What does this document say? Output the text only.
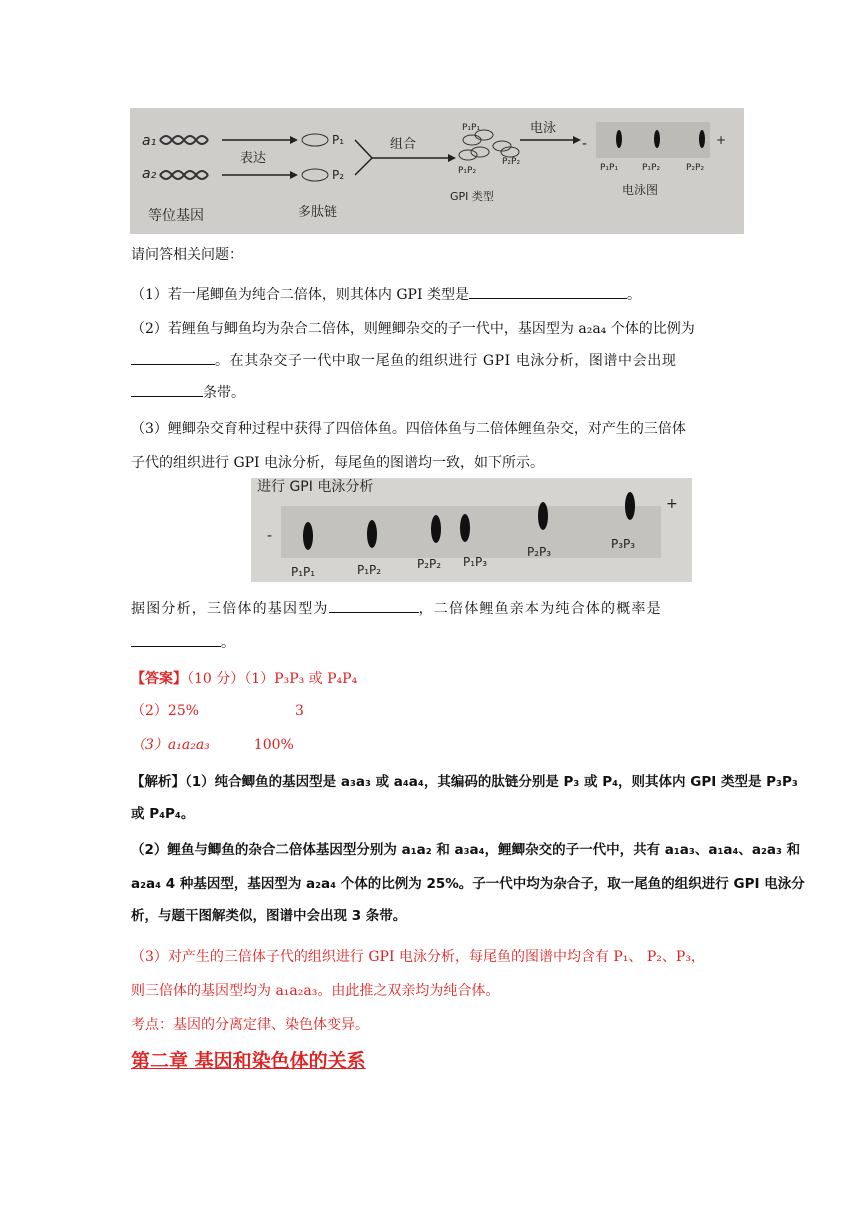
a₁
a₂
表达
P₁
P₂
组合
P₁P₁
P₁P₂
P₂P₂
电泳
-	+
P₁P₁	P₁P₂	P₂P₂
等位基因	多肽链
GPI 类型	电泳图
请问答相关问题：
（1）若一尾鲫鱼为纯合二倍体，则其体内 GPI 类型是	。
（2）若鲤鱼与鲫鱼均为杂合二倍体，则鲤鲫杂交的子一代中，基因型为 a₂a₄ 个体的比例为
。在其杂交子一代中取一尾鱼的组织进行 GPI 电泳分析，图谱中会出现
条带。
（3）鲤鲫杂交育种过程中获得了四倍体鱼。四倍体鱼与二倍体鲤鱼杂交，对产生的三倍体
子代的组织进行 GPI 电泳分析，每尾鱼的图谱均一致，如下所示。
进行 GPI 电泳分析
-
+
P₁P₁	P₁P₂	P₂P₂ P₁P₃
P₂P₃
P₃P₃
据图分析，三倍体的基因型为	，二倍体鲤鱼亲本为纯合体的概率是
。
【答案】（10 分）（1）P₃P₃ 或 P₄P₄
（2）25%	3
（3）a₁a₂a₃	100%
【解析】（1）纯合鲫鱼的基因型是 a₃a₃ 或 a₄a₄，其编码的肽链分别是 P₃ 或 P₄，则其体内 GPI 类型是 P₃P₃
或 P₄P₄。
（2）鲤鱼与鲫鱼的杂合二倍体基因型分别为 a₁a₂ 和 a₃a₄，鲤鲫杂交的子一代中，共有 a₁a₃、a₁a₄、a₂a₃ 和
a₂a₄ 4 种基因型，基因型为 a₂a₄ 个体的比例为 25%。子一代中均为杂合子，取一尾鱼的组织进行 GPI 电泳分
析，与题干图解类似，图谱中会出现 3 条带。
（3）对产生的三倍体子代的组织进行 GPI 电泳分析，每尾鱼的图谱中均含有 P₁、 P₂、P₃，
则三倍体的基因型均为 a₁a₂a₃。由此推之双亲均为纯合体。
考点：基因的分离定律、染色体变异。
第二章 基因和染色体的关系
